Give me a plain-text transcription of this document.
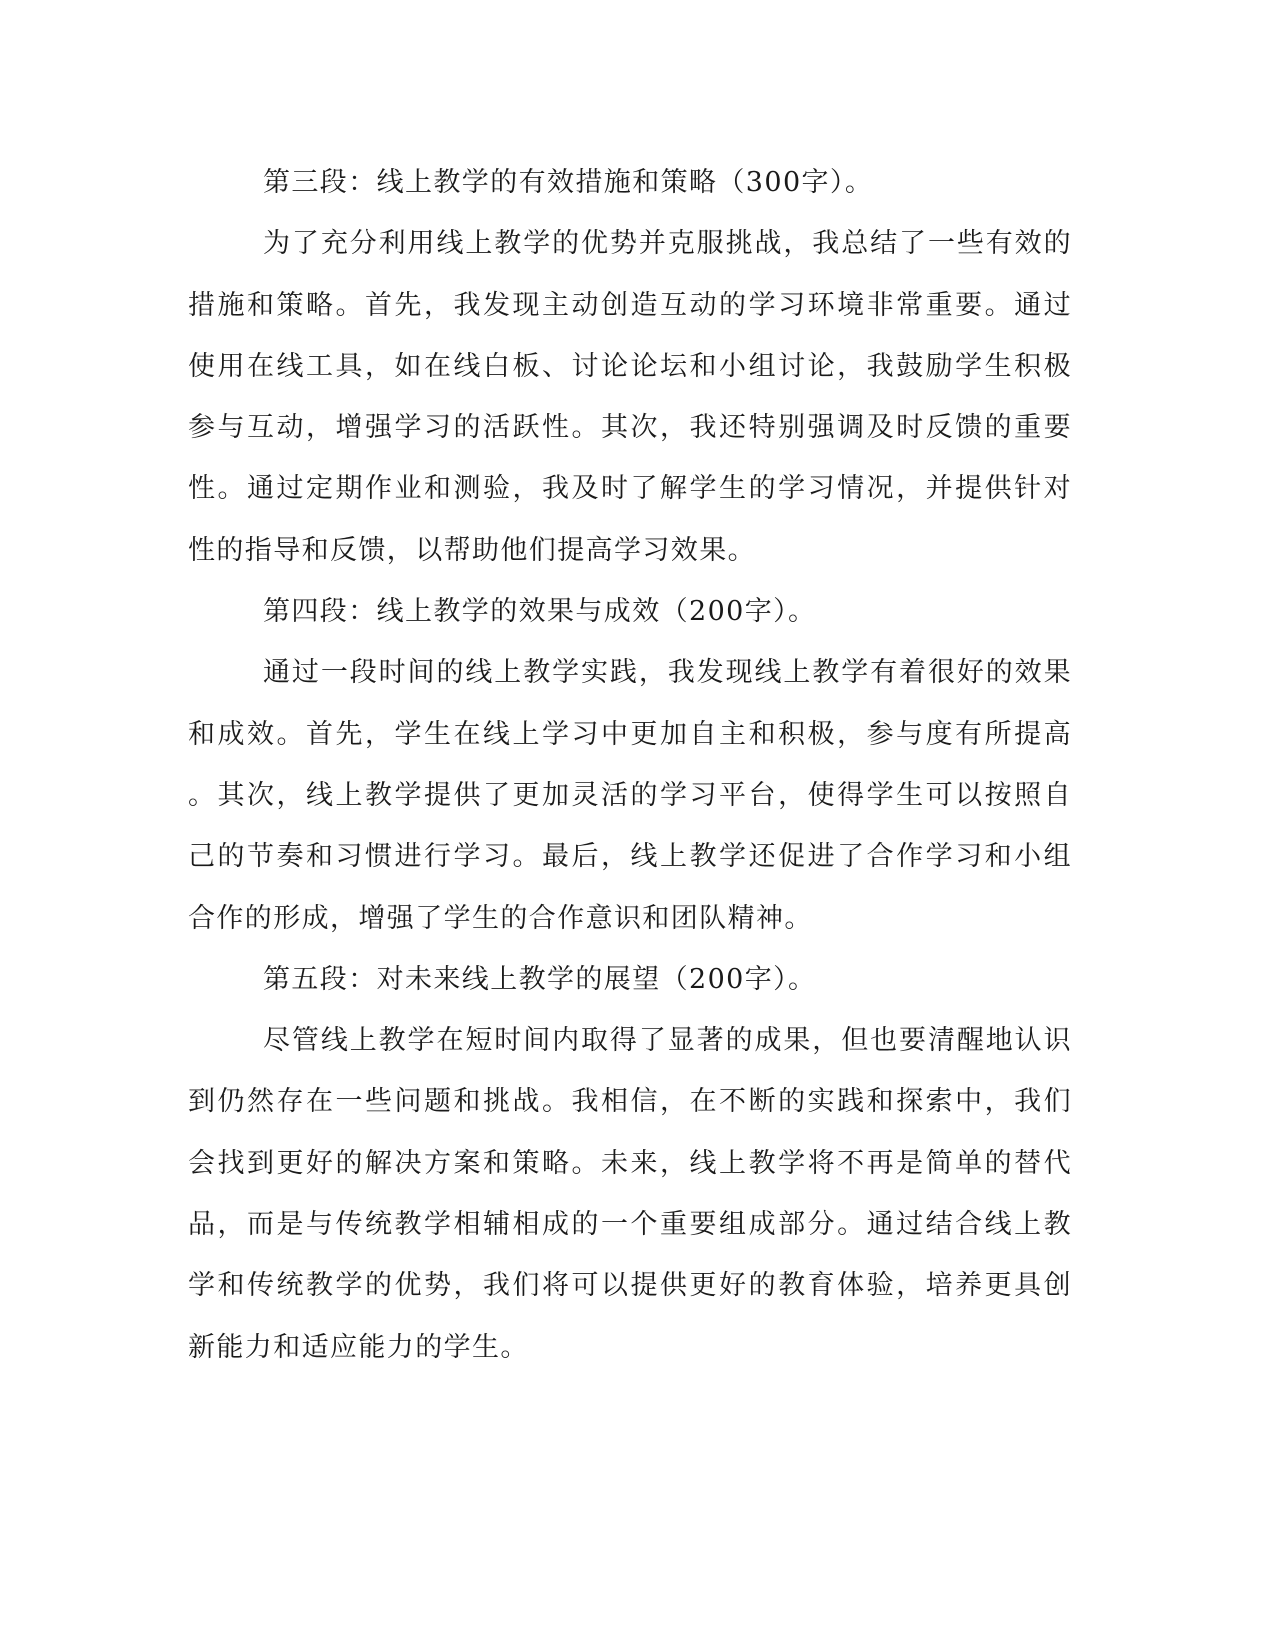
第三段：线上教学的有效措施和策略（300字）。
为了充分利用线上教学的优势并克服挑战，我总结了一些有效的
措施和策略。首先，我发现主动创造互动的学习环境非常重要。通过
使用在线工具，如在线白板、讨论论坛和小组讨论，我鼓励学生积极
参与互动，增强学习的活跃性。其次，我还特别强调及时反馈的重要
性。通过定期作业和测验，我及时了解学生的学习情况，并提供针对
性的指导和反馈，以帮助他们提高学习效果。
第四段：线上教学的效果与成效（200字）。
通过一段时间的线上教学实践，我发现线上教学有着很好的效果
和成效。首先，学生在线上学习中更加自主和积极，参与度有所提高
。其次，线上教学提供了更加灵活的学习平台，使得学生可以按照自
己的节奏和习惯进行学习。最后，线上教学还促进了合作学习和小组
合作的形成，增强了学生的合作意识和团队精神。
第五段：对未来线上教学的展望（200字）。
尽管线上教学在短时间内取得了显著的成果，但也要清醒地认识
到仍然存在一些问题和挑战。我相信，在不断的实践和探索中，我们
会找到更好的解决方案和策略。未来，线上教学将不再是简单的替代
品，而是与传统教学相辅相成的一个重要组成部分。通过结合线上教
学和传统教学的优势，我们将可以提供更好的教育体验，培养更具创
新能力和适应能力的学生。
